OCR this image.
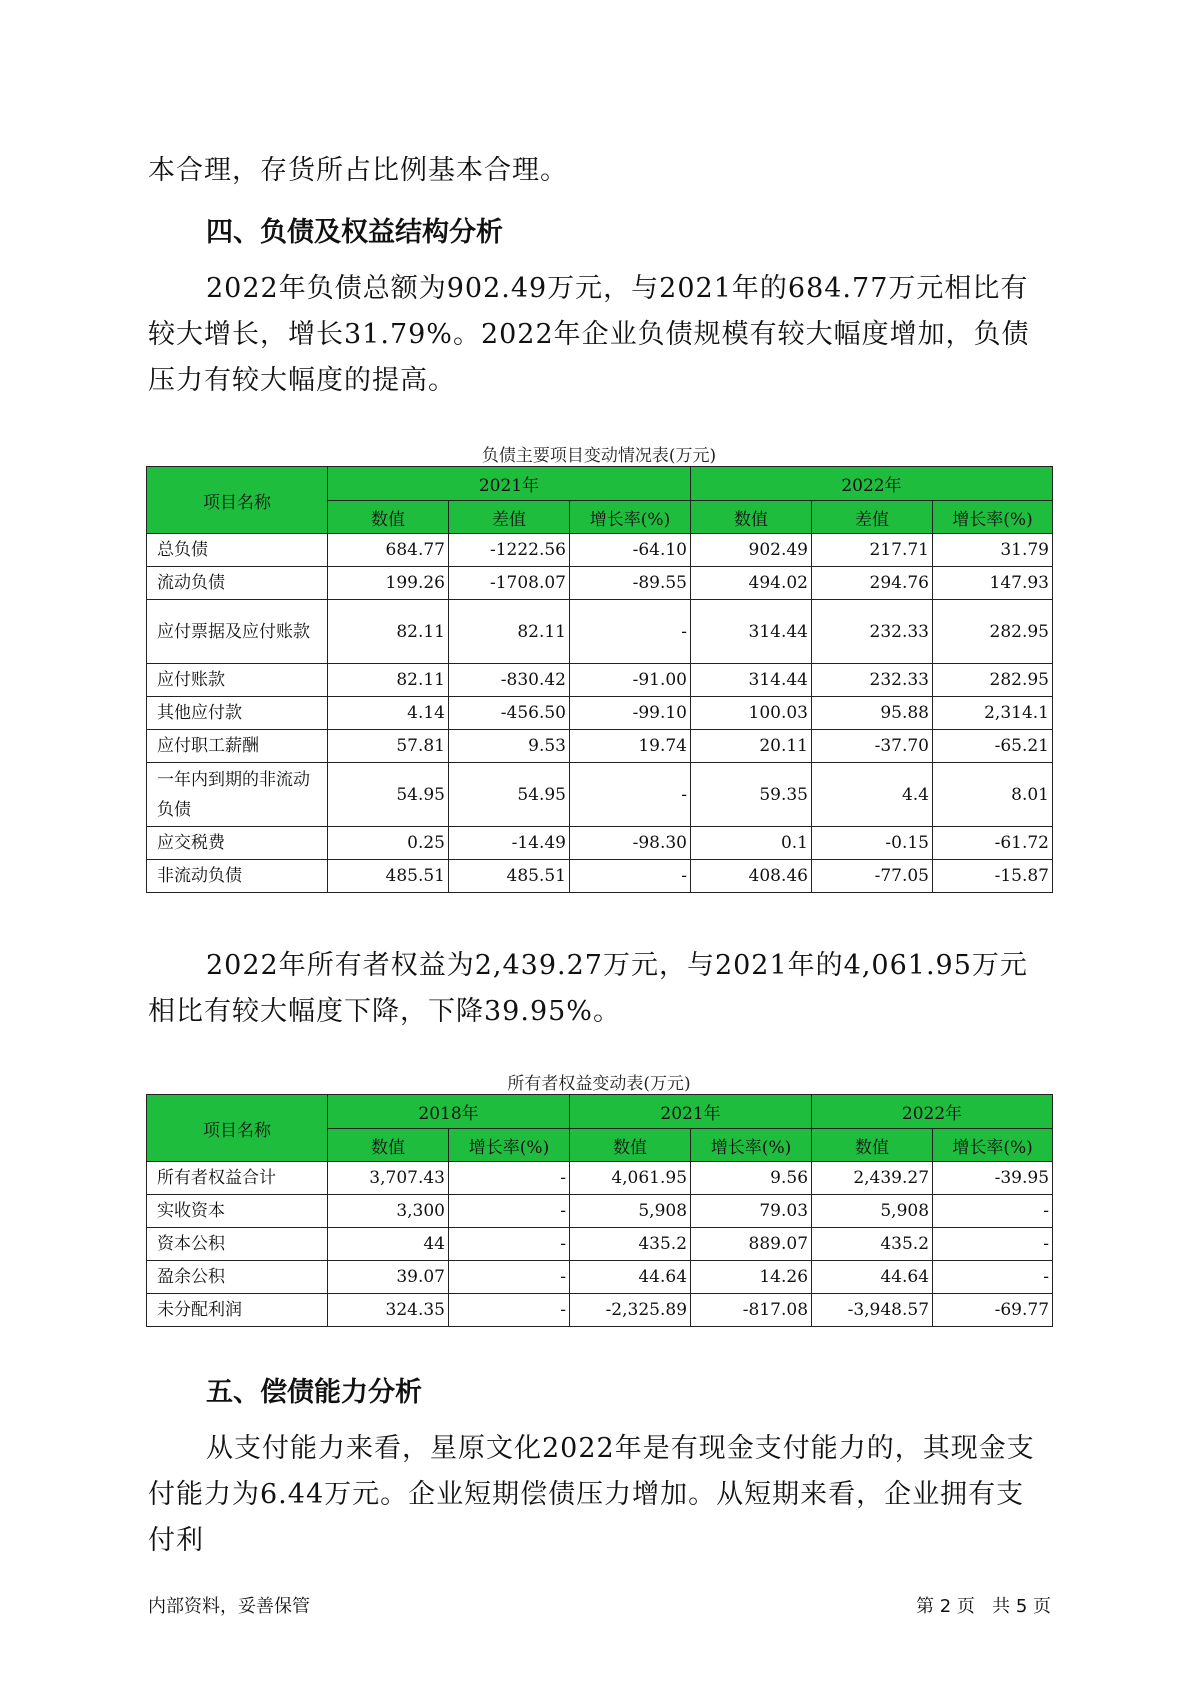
本合理，存货所占比例基本合理。

四、负债及权益结构分析

2022年负债总额为902.49万元，与2021年的684.77万元相比有较大增长，增长31.79%。2022年企业负债规模有较大幅度增加，负债压力有较大幅度的提高。

负债主要项目变动情况表(万元)
项目名称	2021年			2022年		
	数值	差值	增长率(%)	数值	差值	增长率(%)
总负债	684.77	-1222.56	-64.10	902.49	217.71	31.79
流动负债	199.26	-1708.07	-89.55	494.02	294.76	147.93
应付票据及应付账款	82.11	82.11	-	314.44	232.33	282.95
应付账款	82.11	-830.42	-91.00	314.44	232.33	282.95
其他应付款	4.14	-456.50	-99.10	100.03	95.88	2,314.1
应付职工薪酬	57.81	9.53	19.74	20.11	-37.70	-65.21
一年内到期的非流动负债	54.95	54.95	-	59.35	4.4	8.01
应交税费	0.25	-14.49	-98.30	0.1	-0.15	-61.72
非流动负债	485.51	485.51	-	408.46	-77.05	-15.87

2022年所有者权益为2,439.27万元，与2021年的4,061.95万元相比有较大幅度下降，下降39.95%。

所有者权益变动表(万元)
项目名称	2018年		2021年		2022年	
	数值	增长率(%)	数值	增长率(%)	数值	增长率(%)
所有者权益合计	3,707.43	-	4,061.95	9.56	2,439.27	-39.95
实收资本	3,300	-	5,908	79.03	5,908	-
资本公积	44	-	435.2	889.07	435.2	-
盈余公积	39.07	-	44.64	14.26	44.64	-
未分配利润	324.35	-	-2,325.89	-817.08	-3,948.57	-69.77
五、偿债能力分析

从支付能力来看，星原文化2022年是有现金支付能力的，其现金支付能力为6.44万元。企业短期偿债压力增加。从短期来看，企业拥有支付利

内部资料，妥善保管	第 2 页   共 5 页
